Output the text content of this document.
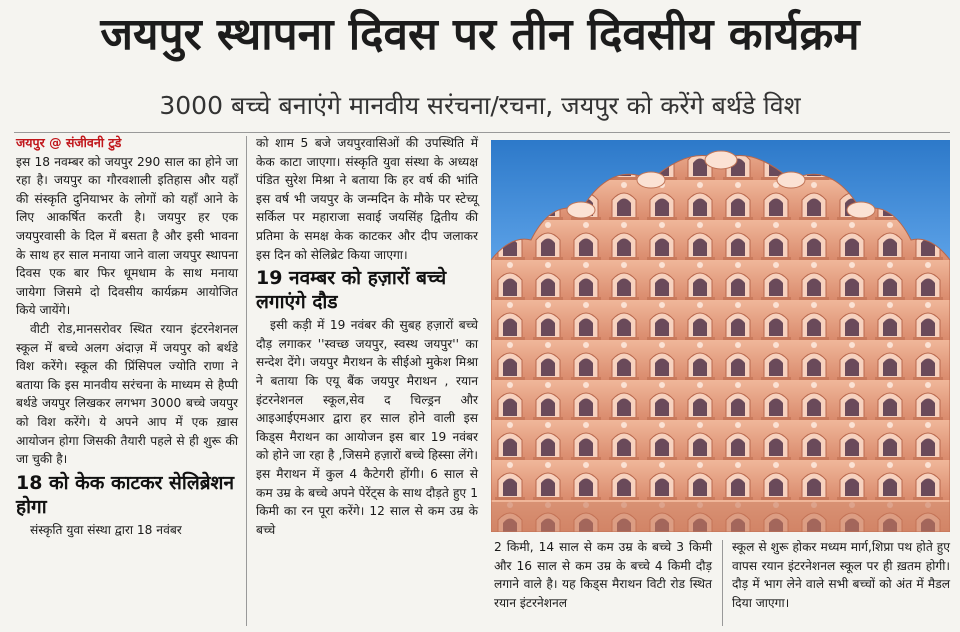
जयपुर स्थापना दिवस पर तीन दिवसीय कार्यक्रम
3000 बच्चे बनाएंगे मानवीय सरंचना/रचना, जयपुर को करेंगे बर्थडे विश

जयपुर @ संजीवनी टुडे

इस 18 नवम्बर को जयपुर 290 साल का होने जा रहा है। जयपुर का गौरवशाली इतिहास और यहाँ की संस्कृति दुनियाभर के लोगों को यहाँ आने के लिए आकर्षित करती है। जयपुर हर एक जयपुरवासी के दिल में बसता है और इसी भावना के साथ हर साल मनाया जाने वाला जयपुर स्थापना दिवस एक बार फिर धूमधाम के साथ मनाया जायेगा जिसमे दो दिवसीय कार्यक्रम आयोजित किये जायेंगे।

वीटी रोड,मानसरोवर स्थित रयान इंटरनेशनल स्कूल में बच्चे अलग अंदाज़ में जयपुर को बर्थडे विश करेंगे। स्कूल की प्रिंसिपल ज्योति राणा ने बताया कि इस मानवीय सरंचना के माध्यम से हैप्पी बर्थडे जयपुर लिखकर लगभग 3000 बच्चे जयपुर को विश करेंगे। ये अपने आप में एक ख़ास आयोजन होगा जिसकी तैयारी पहले से ही शुरू की जा चुकी है।

18 को केक काटकर सेलिब्रेशन होगा

संस्कृति युवा संस्था द्वारा 18 नवंबर

को शाम 5 बजे जयपुरवासिओं की उपस्थिति में केक काटा जाएगा। संस्कृति युवा संस्था के अध्यक्ष पंडित सुरेश मिश्रा ने बताया कि हर वर्ष की भांति इस वर्ष भी जयपुर के जन्मदिन के मौके पर स्टेच्यू सर्किल पर महाराजा सवाई जयसिंह द्वितीय की प्रतिमा के समक्ष केक काटकर और दीप जलाकर इस दिन को सेलिब्रेट किया जाएगा।

19 नवम्बर को हज़ारों बच्चे लगाएंगे दौड

इसी कड़ी में 19 नवंबर की सुबह हज़ारों बच्चे दौड़ लगाकर ''स्वच्छ जयपुर, स्वस्थ जयपुर'' का सन्देश देंगे। जयपुर मैराथन के सीईओ मुकेश मिश्रा ने बताया कि एयू बैंक जयपुर मैराथन , रयान इंटरनेशनल स्कूल,सेव द चिल्ड्रन और आइआईएमआर द्वारा हर साल होने वाली इस किड्स मैराथन का आयोजन इस बार 19 नवंबर को होने जा रहा है ,जिसमे हज़ारों बच्चे हिस्सा लेंगे। इस मैराथन में कुल 4 कैटेगरी होंगी। 6 साल से कम उम्र के बच्चे अपने पेरेंट्स के साथ दौड़ते हुए 1 किमी का रन पूरा करेंगे। 12 साल से कम उम्र के बच्चे

2 किमी, 14 साल से कम उम्र के बच्चे 3 किमी और 16 साल से कम उम्र के बच्चे 4 किमी दौड़ लगाने वाले है। यह किड्स मैराथन विटी रोड स्थित रयान इंटरनेशनल

स्कूल से शुरू होकर मध्यम मार्ग,शिप्रा पथ होते हुए वापस रयान इंटरनेशनल स्कूल पर ही ख़तम होगी। दौड़ में भाग लेने वाले सभी बच्चों को अंत में मैडल दिया जाएगा।
